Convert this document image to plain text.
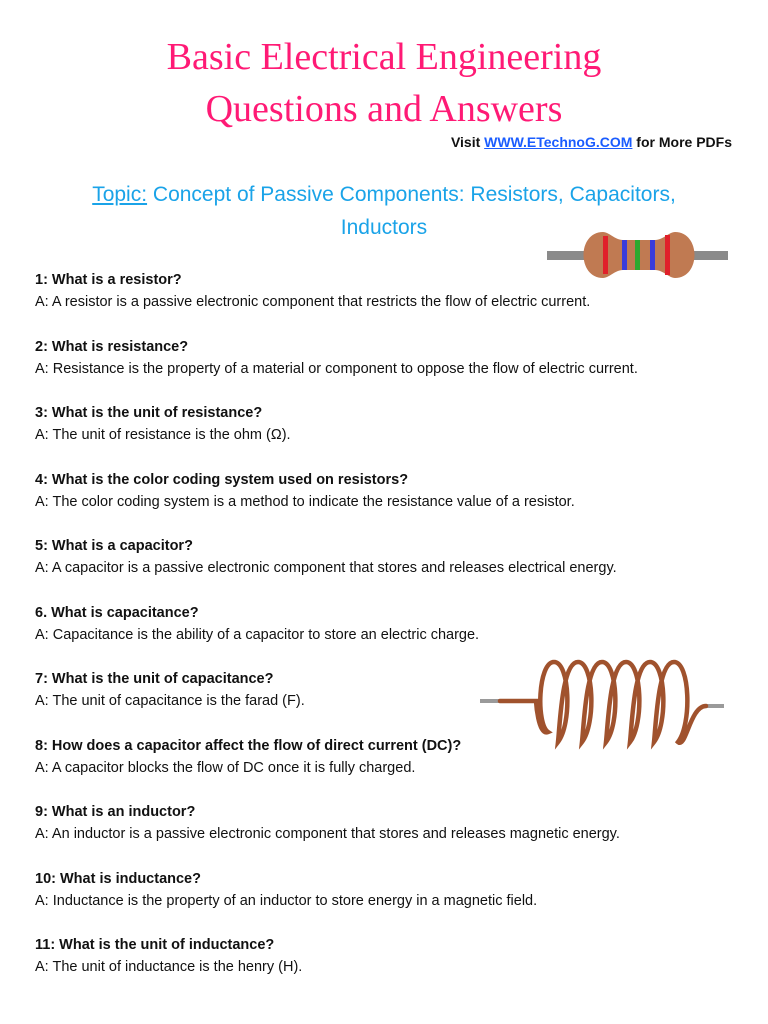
Basic Electrical Engineering
Questions and Answers
Visit WWW.ETechnoG.COM for More PDFs
Topic: Concept of Passive Components: Resistors, Capacitors,
Inductors
1: What is a resistor?
A: A resistor is a passive electronic component that restricts the flow of electric current.
2: What is resistance?
A: Resistance is the property of a material or component to oppose the flow of electric current.
3: What is the unit of resistance?
A: The unit of resistance is the ohm (Ω).
4: What is the color coding system used on resistors?
A: The color coding system is a method to indicate the resistance value of a resistor.
5: What is a capacitor?
A: A capacitor is a passive electronic component that stores and releases electrical energy.
6. What is capacitance?
A: Capacitance is the ability of a capacitor to store an electric charge.
7: What is the unit of capacitance?
A: The unit of capacitance is the farad (F).
8: How does a capacitor affect the flow of direct current (DC)?
A: A capacitor blocks the flow of DC once it is fully charged.
9: What is an inductor?
A: An inductor is a passive electronic component that stores and releases magnetic energy.
10: What is inductance?
A: Inductance is the property of an inductor to store energy in a magnetic field.
11: What is the unit of inductance?
A: The unit of inductance is the henry (H).
